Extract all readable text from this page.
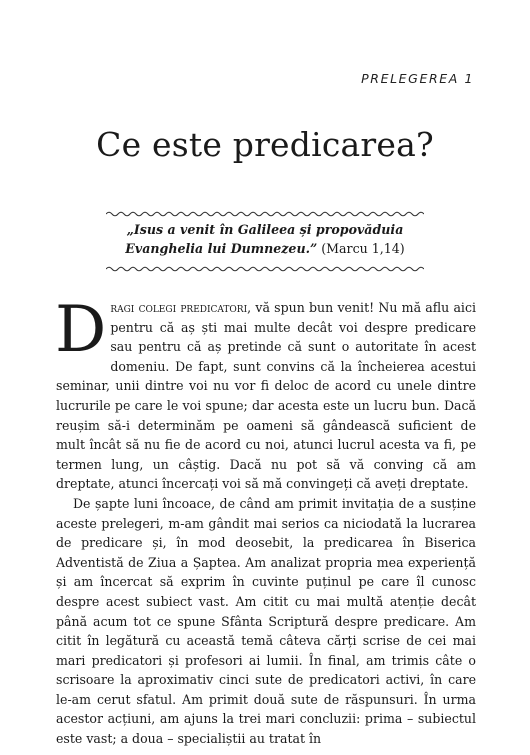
PRELEGEREA 1
Ce este predicarea?
„Isus a venit în Galileea și propovăduia Evanghelia lui Dumnezeu.” (Marcu 1,14)

Dragi colegi predicatori, vă spun bun venit! Nu mă aflu aici pentru că aș ști mai multe decât voi despre predicare sau pentru că aș pretinde că sunt o autoritate în acest domeniu. De fapt, sunt convins că la încheierea acestui seminar, unii dintre voi nu vor fi deloc de acord cu unele dintre lucrurile pe care le voi spune; dar acesta este un lucru bun. Dacă reușim să-i determinăm pe oameni să gândească suficient de mult încât să nu fie de acord cu noi, atunci lucrul acesta va fi, pe termen lung, un câștig. Dacă nu pot să vă conving că am dreptate, atunci încercați voi să mă convingeți că aveți dreptate.

De șapte luni încoace, de când am primit invitația de a susține aceste prelegeri, m-am gândit mai serios ca niciodată la lucrarea de predicare și, în mod deosebit, la predicarea în Biserica Adventistă de Ziua a Șaptea. Am analizat propria mea experiență și am încercat să exprim în cuvinte puținul pe care îl cunosc despre acest subiect vast. Am citit cu mai multă atenție decât până acum tot ce spune Sfânta Scriptură despre predicare. Am citit în legătură cu această temă câteva cărți scrise de cei mai mari predicatori și profesori ai lumii. În final, am trimis câte o scrisoare la aproximativ cinci sute de predicatori activi, în care le-am cerut sfatul. Am primit două sute de răspunsuri. În urma acestor acțiuni, am ajuns la trei mari concluzii: prima – subiectul este vast; a doua – specialiștii au tratat în
